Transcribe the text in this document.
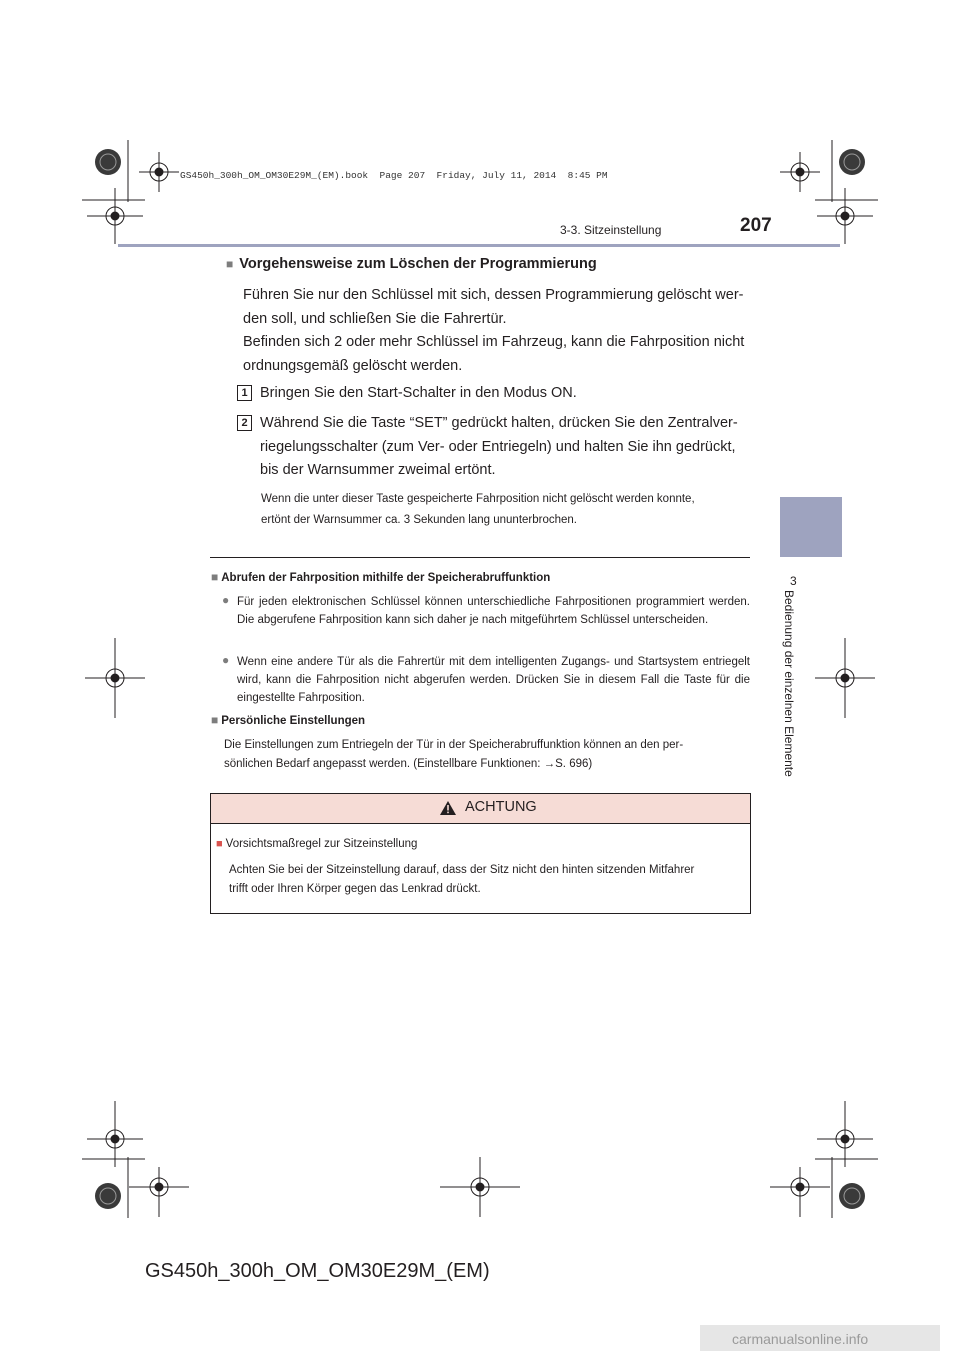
GS450h_300h_OM_OM30E29M_(EM).book  Page 207  Friday, July 11, 2014  8:45 PM
3-3. Sitzeinstellung	207
3
Bedienung der einzelnen Elemente
■ Vorgehensweise zum Löschen der Programmierung
Führen Sie nur den Schlüssel mit sich, dessen Programmierung gelöscht wer-
den soll, und schließen Sie die Fahrertür.
Befinden sich 2 oder mehr Schlüssel im Fahrzeug, kann die Fahrposition nicht
ordnungsgemäß gelöscht werden.
1 Bringen Sie den Start-Schalter in den Modus ON.
2 Während Sie die Taste “SET” gedrückt halten, drücken Sie den Zentralver-
riegelungsschalter (zum Ver- oder Entriegeln) und halten Sie ihn gedrückt,
bis der Warnsummer zweimal ertönt.
Wenn die unter dieser Taste gespeicherte Fahrposition nicht gelöscht werden konnte,
ertönt der Warnsummer ca. 3 Sekunden lang ununterbrochen.
■ Abrufen der Fahrposition mithilfe der Speicherabruffunktion
● Für jeden elektronischen Schlüssel können unterschiedliche Fahrpositionen programmiert werden. Die abgerufene Fahrposition kann sich daher je nach mitgeführtem Schlüssel unterscheiden.
● Wenn eine andere Tür als die Fahrertür mit dem intelligenten Zugangs- und Startsystem entriegelt wird, kann die Fahrposition nicht abgerufen werden. Drücken Sie in diesem Fall die Taste für die eingestellte Fahrposition.
■ Persönliche Einstellungen
Die Einstellungen zum Entriegeln der Tür in der Speicherabruffunktion können an den per-
sönlichen Bedarf angepasst werden. (Einstellbare Funktionen: →S. 696)
ACHTUNG
■ Vorsichtsmaßregel zur Sitzeinstellung
Achten Sie bei der Sitzeinstellung darauf, dass der Sitz nicht den hinten sitzenden Mitfahrer
trifft oder Ihren Körper gegen das Lenkrad drückt.
GS450h_300h_OM_OM30E29M_(EM)
carmanualsonline.info
